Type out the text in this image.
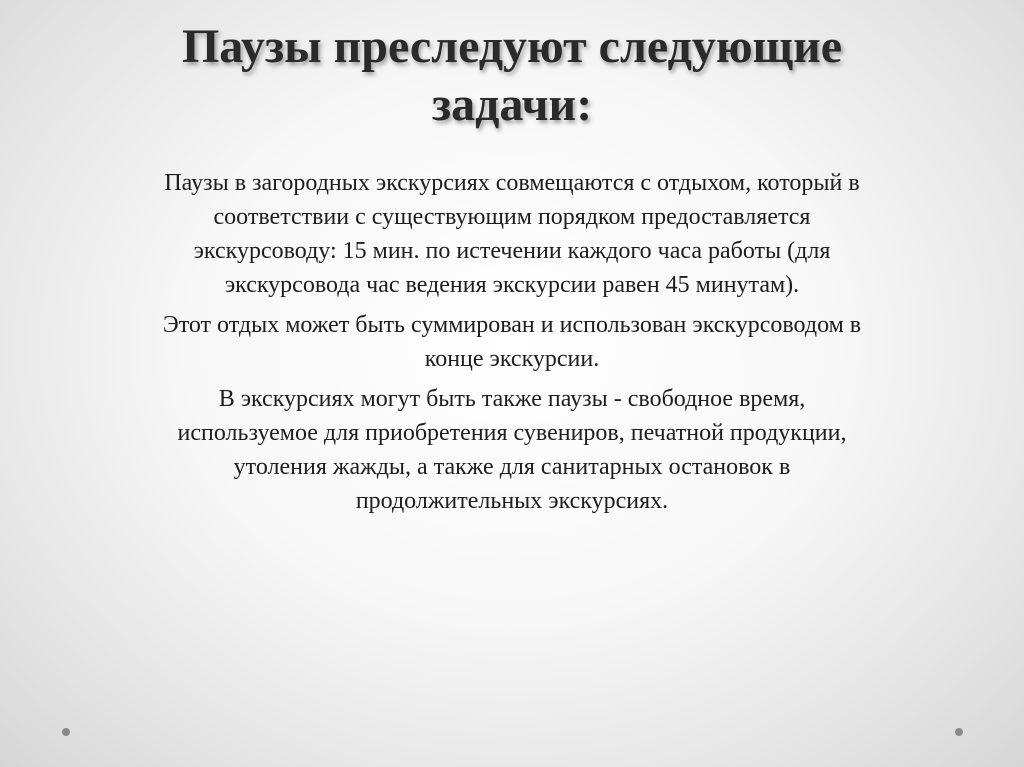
Паузы преследуют следующие
задачи:

Паузы в загородных экскурсиях совмещаются с отдыхом, который в
соответствии с существующим порядком предоставляется
экскурсоводу: 15 мин. по истечении каждого часа работы (для
экскурсовода час ведения экскурсии равен 45 минутам).

Этот отдых может быть суммирован и использован экскурсоводом в
конце экскурсии.

В экскурсиях могут быть также паузы - свободное время,
используемое для приобретения сувениров, печатной продукции,
утоления жажды, а также для санитарных остановок в
продолжительных экскурсиях.
